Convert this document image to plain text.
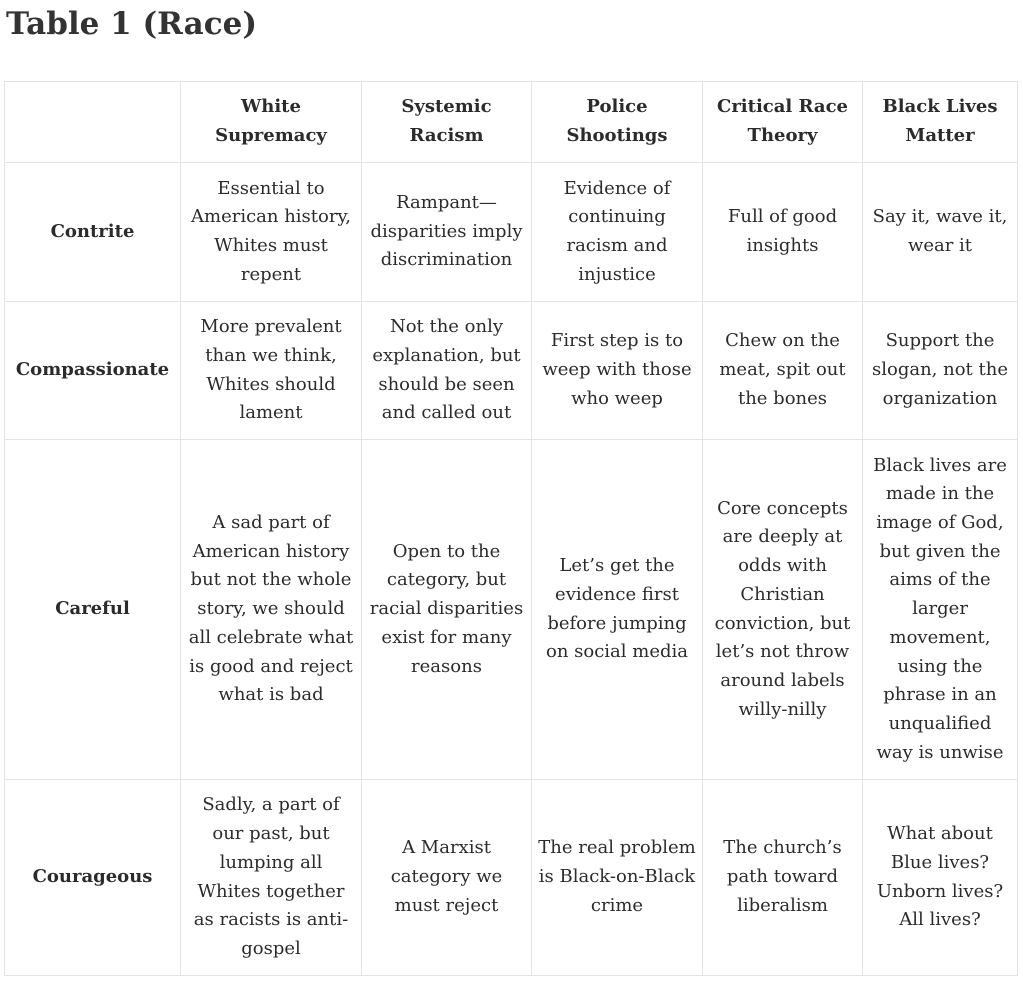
Table 1 (Race)
	White Supremacy	Systemic Racism	Police Shootings	Critical Race Theory	Black Lives Matter
Contrite	Essential to American history, Whites must repent	Rampant—disparities imply discrimination	Evidence of continuing racism and injustice	Full of good insights	Say it, wave it, wear it
Compassionate	More prevalent than we think, Whites should lament	Not the only explanation, but should be seen and called out	First step is to weep with those who weep	Chew on the meat, spit out the bones	Support the slogan, not the organization
Careful	A sad part of American history but not the whole story, we should all celebrate what is good and reject what is bad	Open to the category, but racial disparities exist for many reasons	Let’s get the evidence first before jumping on social media	Core concepts are deeply at odds with Christian conviction, but let’s not throw around labels willy-nilly	Black lives are made in the image of God, but given the aims of the larger movement, using the phrase in an unqualified way is unwise
Courageous	Sadly, a part of our past, but lumping all Whites together as racists is anti-gospel	A Marxist category we must reject	The real problem is Black-on-Black crime	The church’s path toward liberalism	What about Blue lives? Unborn lives? All lives?
